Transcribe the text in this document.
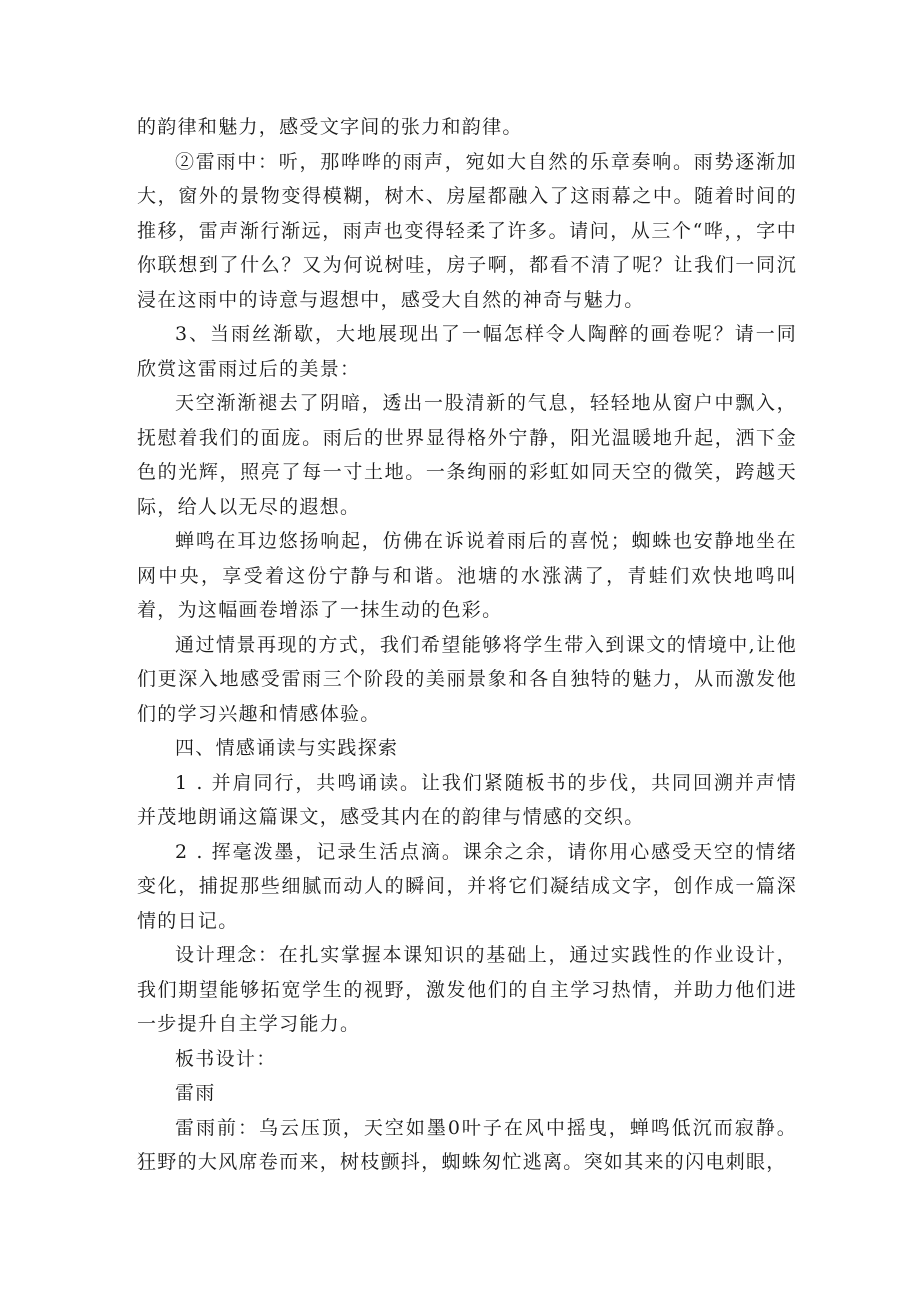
的韵律和魅力，感受文字间的张力和韵律。

②雷雨中：听，那哗哗的雨声，宛如大自然的乐章奏响。雨势逐渐加大，窗外的景物变得模糊，树木、房屋都融入了这雨幕之中。随着时间的推移，雷声渐行渐远，雨声也变得轻柔了许多。请问，从三个“哗，，字中你联想到了什么？又为何说树哇，房子啊，都看不清了呢？让我们一同沉浸在这雨中的诗意与遐想中，感受大自然的神奇与魅力。

3、当雨丝渐歇，大地展现出了一幅怎样令人陶醉的画卷呢？请一同欣赏这雷雨过后的美景：

天空渐渐褪去了阴暗，透出一股清新的气息，轻轻地从窗户中飘入，抚慰着我们的面庞。雨后的世界显得格外宁静，阳光温暖地升起，洒下金色的光辉，照亮了每一寸土地。一条绚丽的彩虹如同天空的微笑，跨越天际，给人以无尽的遐想。

蝉鸣在耳边悠扬响起，仿佛在诉说着雨后的喜悦；蜘蛛也安静地坐在网中央，享受着这份宁静与和谐。池塘的水涨满了，青蛙们欢快地鸣叫着，为这幅画卷增添了一抹生动的色彩。

通过情景再现的方式，我们希望能够将学生带入到课文的情境中,让他们更深入地感受雷雨三个阶段的美丽景象和各自独特的魅力，从而激发他们的学习兴趣和情感体验。

四、情感诵读与实践探索

1 . 并肩同行，共鸣诵读。让我们紧随板书的步伐，共同回溯并声情并茂地朗诵这篇课文，感受其内在的韵律与情感的交织。

2 . 挥毫泼墨，记录生活点滴。课余之余，请你用心感受天空的情绪变化，捕捉那些细腻而动人的瞬间，并将它们凝结成文字，创作成一篇深情的日记。

设计理念：在扎实掌握本课知识的基础上，通过实践性的作业设计，我们期望能够拓宽学生的视野，激发他们的自主学习热情，并助力他们进一步提升自主学习能力。

板书设计：

雷雨

雷雨前：乌云压顶，天空如墨0叶子在风中摇曳，蝉鸣低沉而寂静。狂野的大风席卷而来，树枝颤抖，蜘蛛匆忙逃离。突如其来的闪电刺眼，
